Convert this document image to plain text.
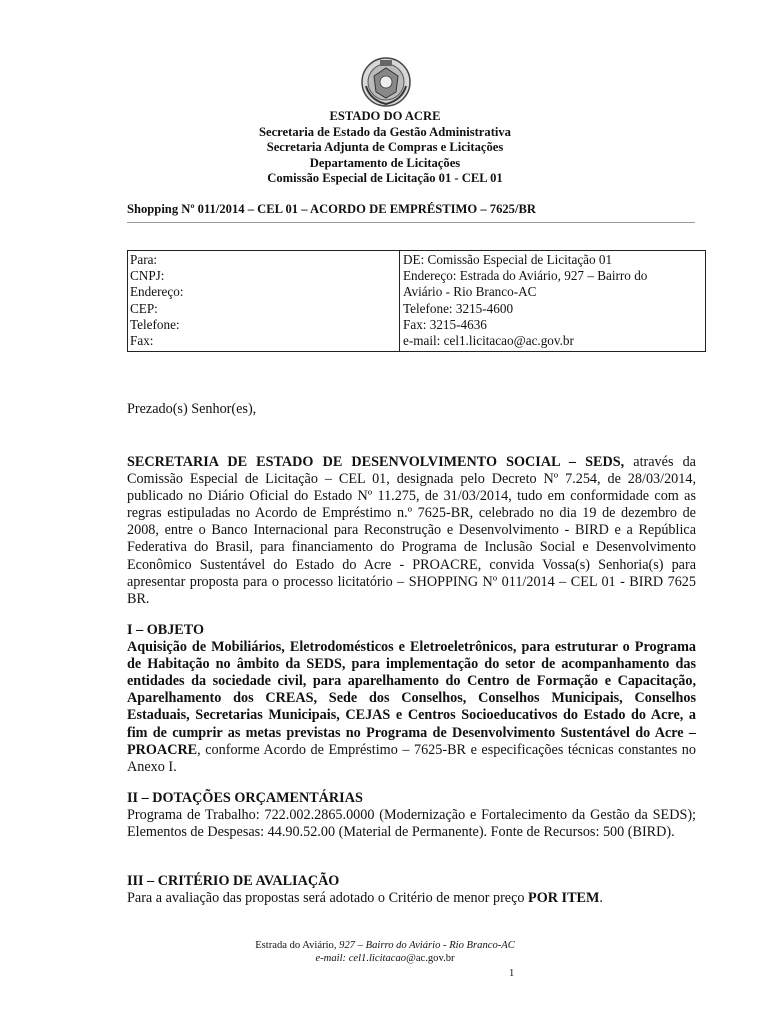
ESTADO DO ACRE
Secretaria de Estado da Gestão Administrativa
Secretaria Adjunta de Compras e Licitações
Departamento de Licitações
Comissão Especial de Licitação 01 - CEL 01
Shopping Nº 011/2014 – CEL 01 – ACORDO DE EMPRÉSTIMO – 7625/BR
Para:
CNPJ:
Endereço:
CEP:
Telefone:
Fax:
DE: Comissão Especial de Licitação 01
Endereço: Estrada do Aviário, 927 – Bairro do
Aviário - Rio Branco-AC
Telefone: 3215-4600
Fax: 3215-4636
e-mail: cel1.licitacao@ac.gov.br
Prezado(s) Senhor(es),
SECRETARIA DE ESTADO DE DESENVOLVIMENTO SOCIAL – SEDS, através da Comissão Especial de Licitação – CEL 01, designada pelo Decreto Nº 7.254, de 28/03/2014, publicado no Diário Oficial do Estado Nº 11.275, de 31/03/2014, tudo em conformidade com as regras estipuladas no Acordo de Empréstimo n.º 7625-BR, celebrado no dia 19 de dezembro de 2008, entre o Banco Internacional para Reconstrução e Desenvolvimento - BIRD e a República Federativa do Brasil, para financiamento do Programa de Inclusão Social e Desenvolvimento Econômico Sustentável do Estado do Acre - PROACRE, convida Vossa(s) Senhoria(s) para apresentar proposta para o processo licitatório – SHOPPING Nº 011/2014 – CEL 01 - BIRD 7625 BR.
I – OBJETO
Aquisição de Mobiliários, Eletrodomésticos e Eletroeletrônicos, para estruturar o Programa de Habitação no âmbito da SEDS, para implementação do setor de acompanhamento das entidades da sociedade civil, para aparelhamento do Centro de Formação e Capacitação, Aparelhamento dos CREAS, Sede dos Conselhos, Conselhos Municipais, Conselhos Estaduais, Secretarias Municipais, CEJAS e Centros Socioeducativos do Estado do Acre, a fim de cumprir as metas previstas no Programa de Desenvolvimento Sustentável do Acre – PROACRE, conforme Acordo de Empréstimo – 7625-BR e especificações técnicas constantes no Anexo I.
II – DOTAÇÕES ORÇAMENTÁRIAS
Programa de Trabalho: 722.002.2865.0000 (Modernização e Fortalecimento da Gestão da SEDS); Elementos de Despesas: 44.90.52.00 (Material de Permanente). Fonte de Recursos: 500 (BIRD).
III – CRITÉRIO DE AVALIAÇÃO
Para a avaliação das propostas será adotado o Critério de menor preço POR ITEM.
Estrada do Aviário, 927 – Bairro do Aviário - Rio Branco-AC
e-mail: cel1.licitacao@ac.gov.br
1
